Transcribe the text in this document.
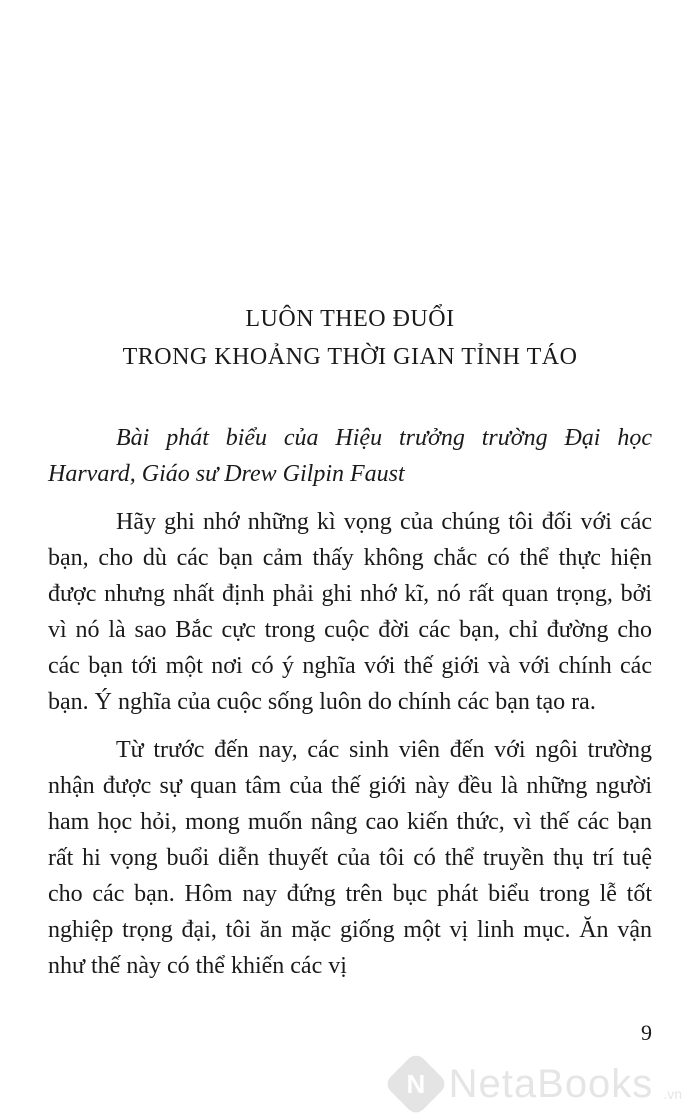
LUÔN THEO ĐUỔI
TRONG KHOẢNG THỜI GIAN TỈNH TÁO

Bài phát biểu của Hiệu trưởng trường Đại học Harvard, Giáo sư Drew Gilpin Faust

Hãy ghi nhớ những kì vọng của chúng tôi đối với các bạn, cho dù các bạn cảm thấy không chắc có thể thực hiện được nhưng nhất định phải ghi nhớ kĩ, nó rất quan trọng, bởi vì nó là sao Bắc cực trong cuộc đời các bạn, chỉ đường cho các bạn tới một nơi có ý nghĩa với thế giới và với chính các bạn. Ý nghĩa của cuộc sống luôn do chính các bạn tạo ra.

Từ trước đến nay, các sinh viên đến với ngôi trường nhận được sự quan tâm của thế giới này đều là những người ham học hỏi, mong muốn nâng cao kiến thức, vì thế các bạn rất hi vọng buổi diễn thuyết của tôi có thể truyền thụ trí tuệ cho các bạn. Hôm nay đứng trên bục phát biểu trong lễ tốt nghiệp trọng đại, tôi ăn mặc giống một vị linh mục. Ăn vận như thế này có thể khiến các vị

9
N NetaBooks .vn
